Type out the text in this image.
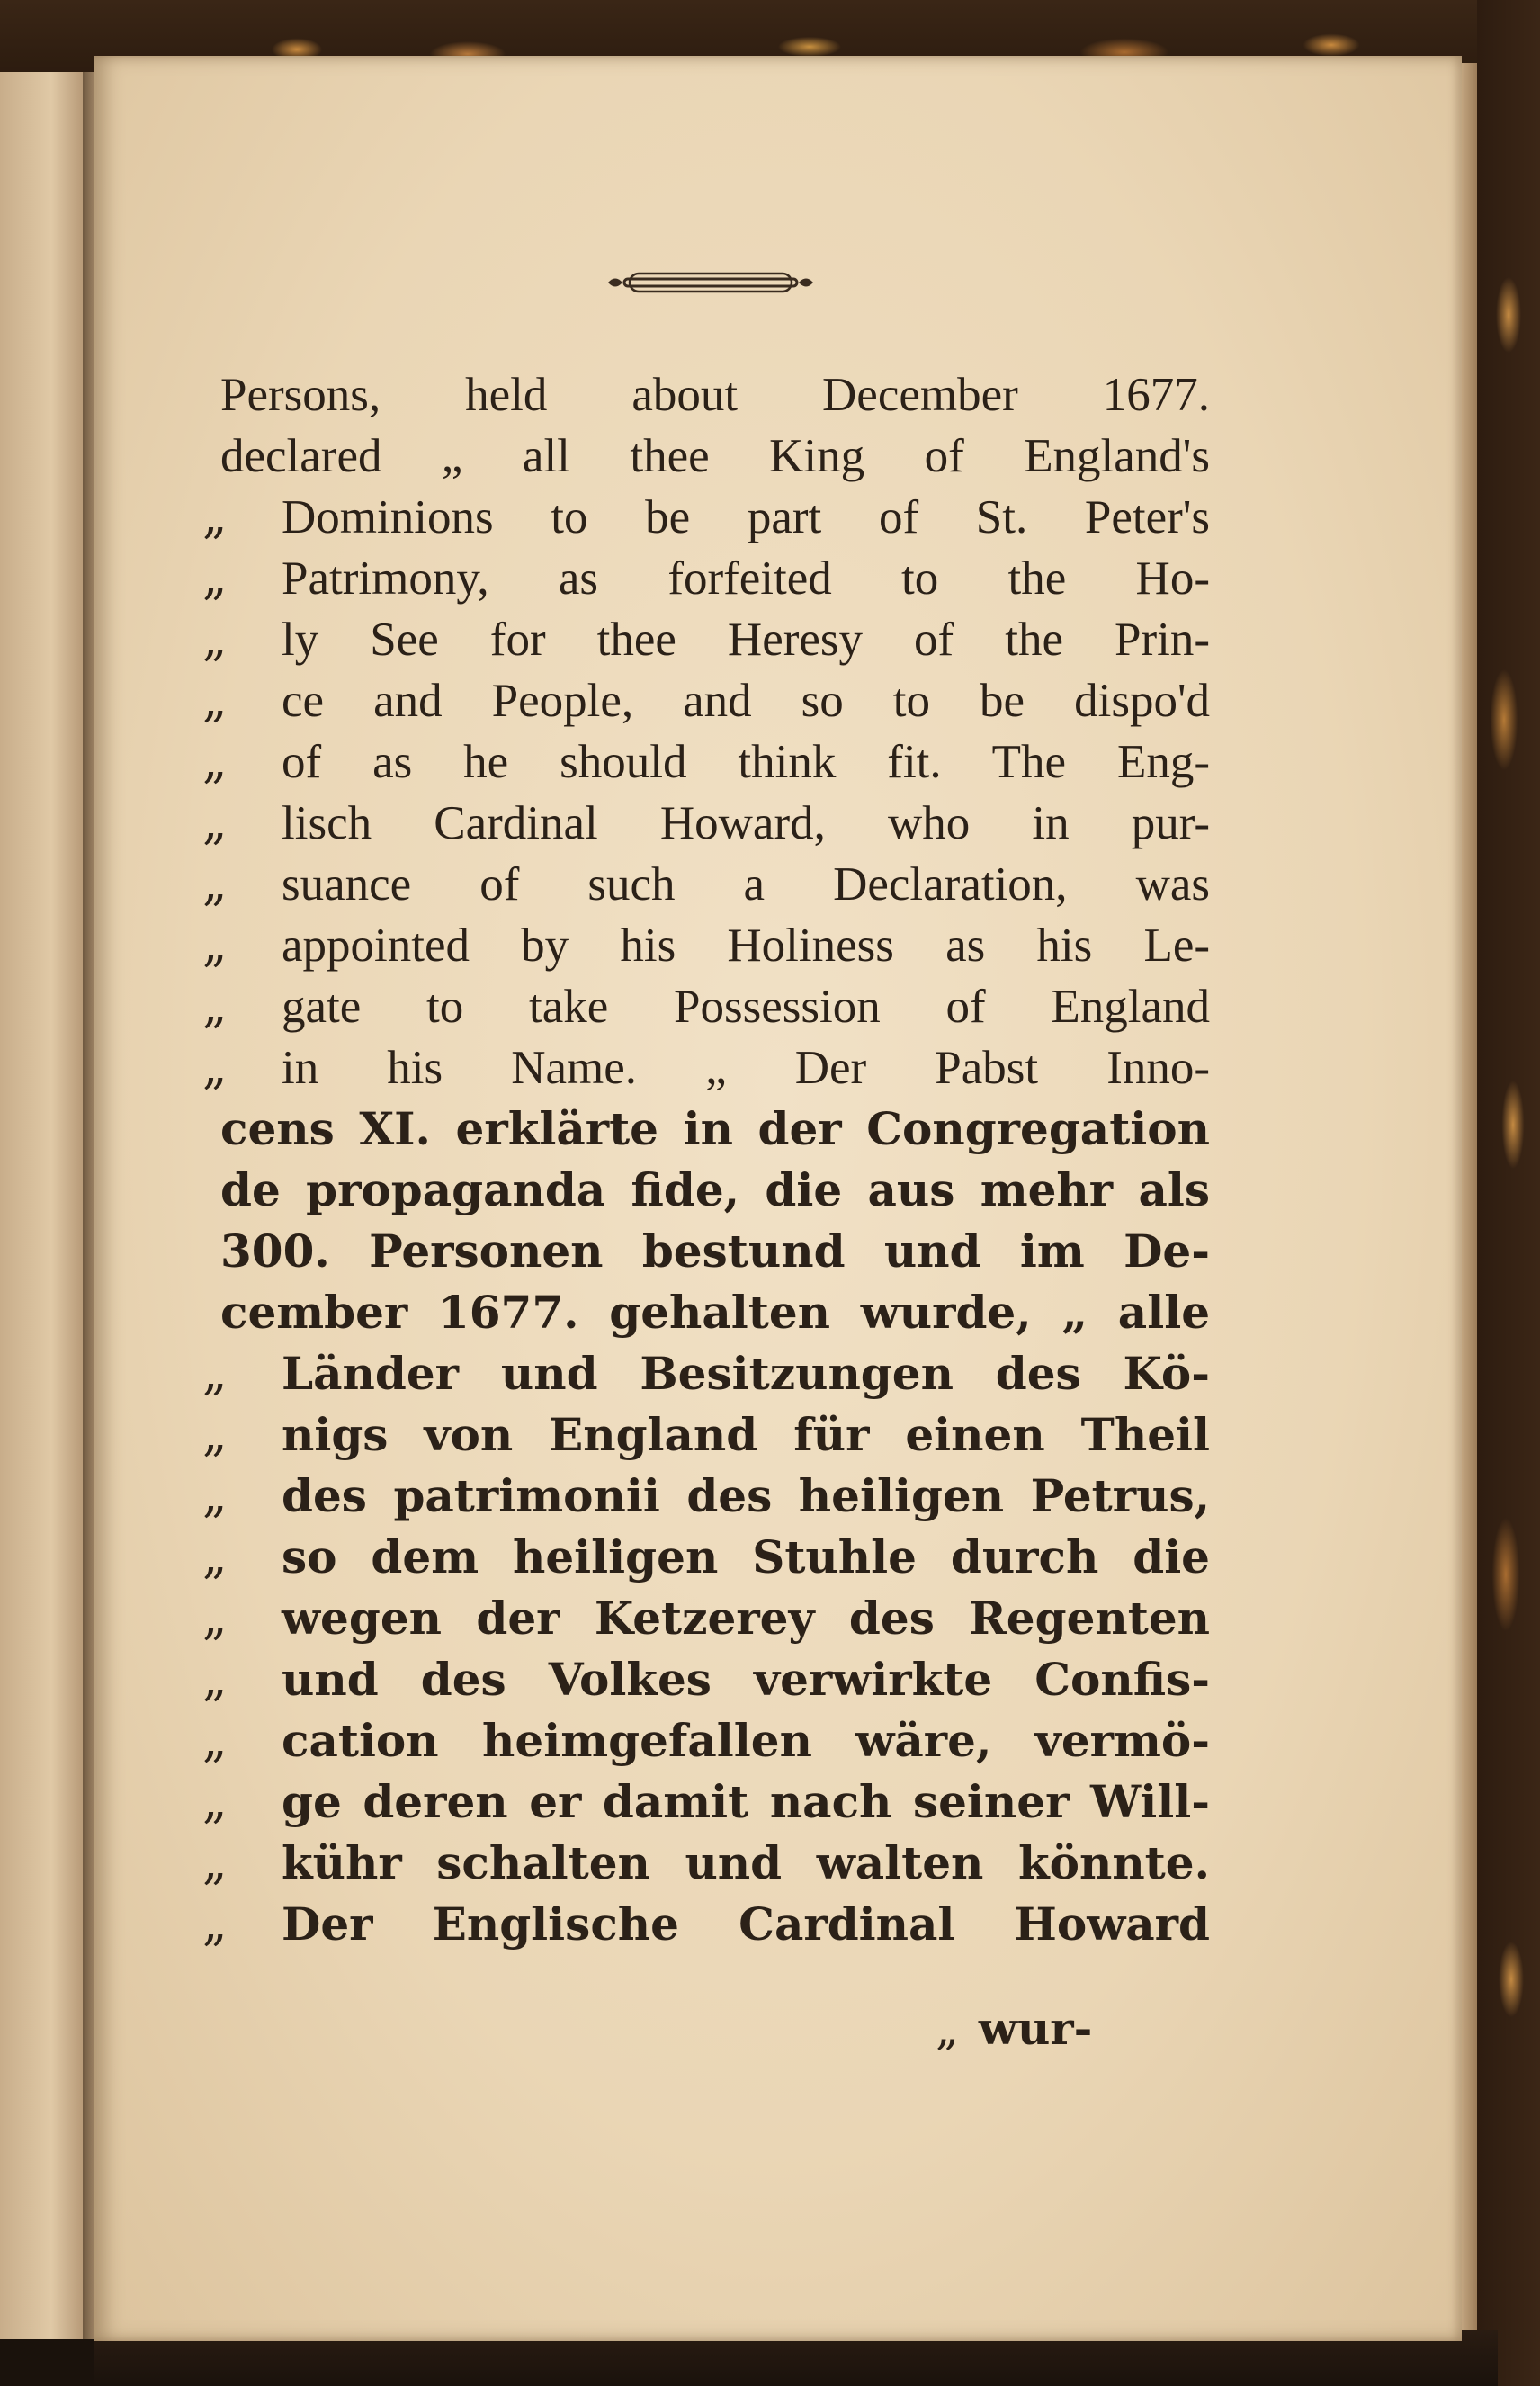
Persons, held about December 1677.
declared „ all thee King of England's
„	Dominions to be part of St. Peter's
„	Patrimony, as forfeited to the Ho-
„	ly See for thee Heresy of the Prin-
„	ce and People, and so to be dispo'd
„	of as he should think fit. The Eng-
„	lisch Cardinal Howard, who in pur-
„	suance of such a Declaration, was
„	appointed by his Holiness as his Le-
„	gate to take Possession of England
„	in his Name. „ Der Pabst Inno-
cens XI. erklärte in der Congregation
de propaganda fide, die aus mehr als
300. Personen bestund und im De-
cember 1677. gehalten wurde, „ alle
„	Länder und Besitzungen des Kö-
„	nigs von England für einen Theil
„	des patrimonii des heiligen Petrus,
„	so dem heiligen Stuhle durch die
„	wegen der Ketzerey des Regenten
„	und des Volkes verwirkte Confis-
„	cation heimgefallen wäre, vermö-
„	ge deren er damit nach seiner Will-
„	kühr schalten und walten könnte.
„	Der Englische Cardinal Howard
„ wur-
